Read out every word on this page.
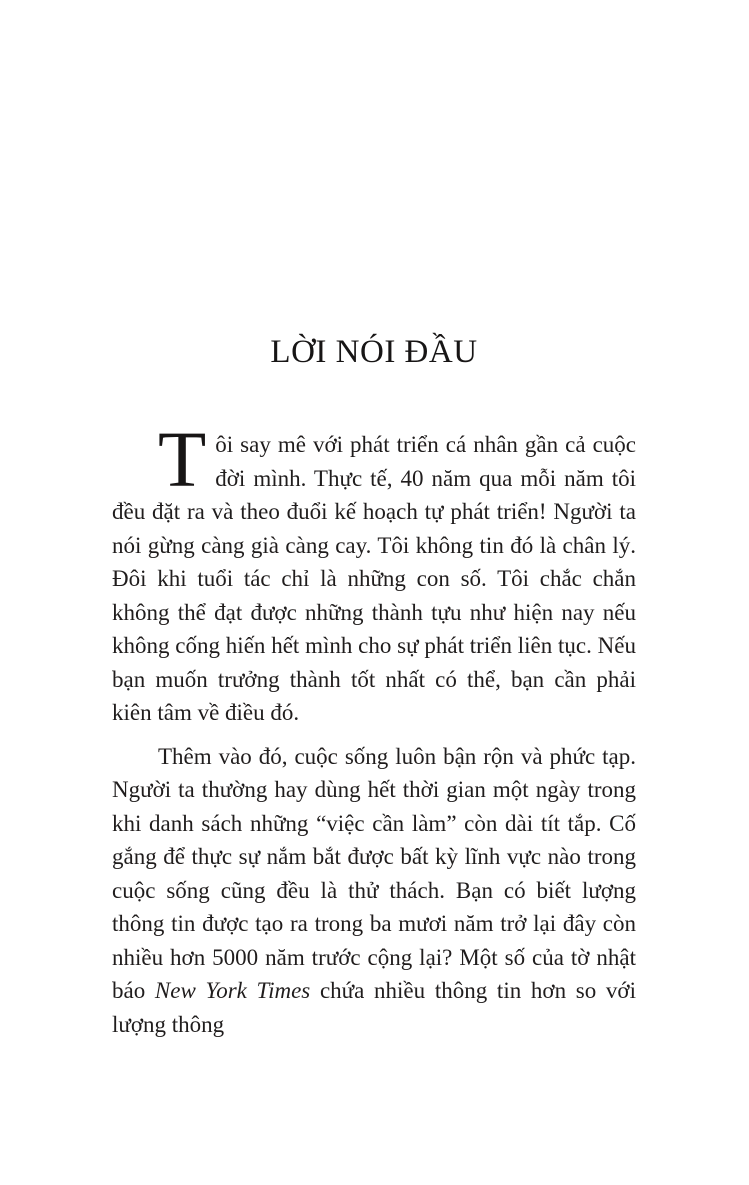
LỜI NÓI ĐẦU

Tôi say mê với phát triển cá nhân gần cả cuộc đời mình. Thực tế, 40 năm qua mỗi năm tôi đều đặt ra và theo đuổi kế hoạch tự phát triển! Người ta nói gừng càng già càng cay. Tôi không tin đó là chân lý. Đôi khi tuổi tác chỉ là những con số. Tôi chắc chắn không thể đạt được những thành tựu như hiện nay nếu không cống hiến hết mình cho sự phát triển liên tục. Nếu bạn muốn trưởng thành tốt nhất có thể, bạn cần phải kiên tâm về điều đó.

Thêm vào đó, cuộc sống luôn bận rộn và phức tạp. Người ta thường hay dùng hết thời gian một ngày trong khi danh sách những “việc cần làm” còn dài tít tắp. Cố gắng để thực sự nắm bắt được bất kỳ lĩnh vực nào trong cuộc sống cũng đều là thử thách. Bạn có biết lượng thông tin được tạo ra trong ba mươi năm trở lại đây còn nhiều hơn 5000 năm trước cộng lại? Một số của tờ nhật báo New York Times chứa nhiều thông tin hơn so với lượng thông
